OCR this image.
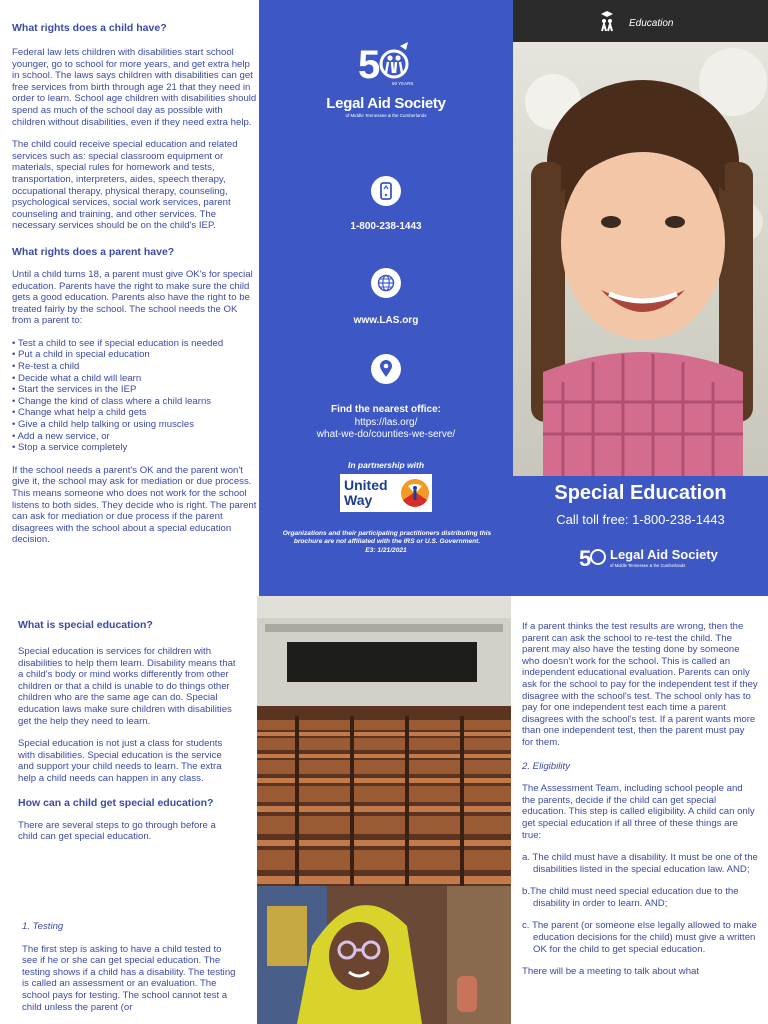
What rights does a child have?

Federal law lets children with disabilities start school younger, go to school for more years, and get extra help in school. The laws says children with disabilities can get free services from birth through age 21 that they need in order to learn. School age children with disabilities should spend as much of the school day as possible with children without disabilities, even if they need extra help.

The child could receive special education and related services such as: special classroom equipment or materials, special rules for homework and tests, transportation, interpreters, aides, speech therapy, occupational therapy, physical therapy, counseling, psychological services, social work services, parent counseling and training, and other services. The necessary services should be on the child's IEP.

What rights does a parent have?

Until a child turns 18, a parent must give OK's for special education. Parents have the right to make sure the child gets a good education. Parents also have the right to be treated fairly by the school. The school needs the OK from a parent to:

• Test a child to see if special education is needed
• Put a child in special education
• Re-test a child
• Decide what a child will learn
• Start the services in the IEP
• Change the kind of class where a child learns
• Change what help a child gets
• Give a child help talking or using muscles
• Add a new service, or
• Stop a service completely

If the school needs a parent's OK and the parent won't give it, the school may ask for mediation or due process. This means someone who does not work for the school listens to both sides. They decide who is right. The parent can ask for mediation or due process if the parent disagrees with the school about a special education decision.

5	50 YEARS
Legal Aid Society
of Middle Tennessee & the Cumberlands
1-800-238-1443
www.LAS.org
Find the nearest office:
https://las.org/
what-we-do/counties-we-serve/
In partnership with
United
Way
Organizations and their participating practitioners distributing this brochure are not affiliated with the IRS or U.S. Government.
E3: 1/21/2021
Education
Special Education
Call toll free: 1-800-238-1443
5 Legal Aid Society
of Middle Tennessee & the Cumberlands
What is special education?

Special education is services for children with disabilities to help them learn. Disability means that a child's body or mind works differently from other children or that a child is unable to do things other children who are the same age can do. Special education laws make sure children with disabilities get the help they need to learn.

Special education is not just a class for students with disabilities. Special education is the service and support your child needs to learn. The extra help a child needs can happen in any class.

How can a child get special education?

There are several steps to go through before a child can get special education.

1. Testing

The first step is asking to have a child tested to see if he or she can get special education. The testing shows if a child has a disability. The testing is called an assessment or an evaluation. The school pays for testing. The school cannot test a child unless the parent (or

If a parent thinks the test results are wrong, then the parent can ask the school to re-test the child. The parent may also have the testing done by someone who doesn't work for the school. This is called an independent educational evaluation. Parents can only ask for the school to pay for the independent test if they disagree with the school's test. The school only has to pay for one independent test each time a parent disagrees with the school's test. If a parent wants more than one independent test, then the parent must pay for them.

2. Eligibility

The Assessment Team, including school people and the parents, decide if the child can get special education. This step is called eligibility. A child can only get special education if all three of these things are true:

a. The child must have a disability. It must be one of the disabilities listed in the special education law. AND;

b.The child must need special education due to the disability in order to learn. AND;

c. The parent (or someone else legally allowed to make education decisions for the child) must give a written OK for the child to get special education.

There will be a meeting to talk about what
